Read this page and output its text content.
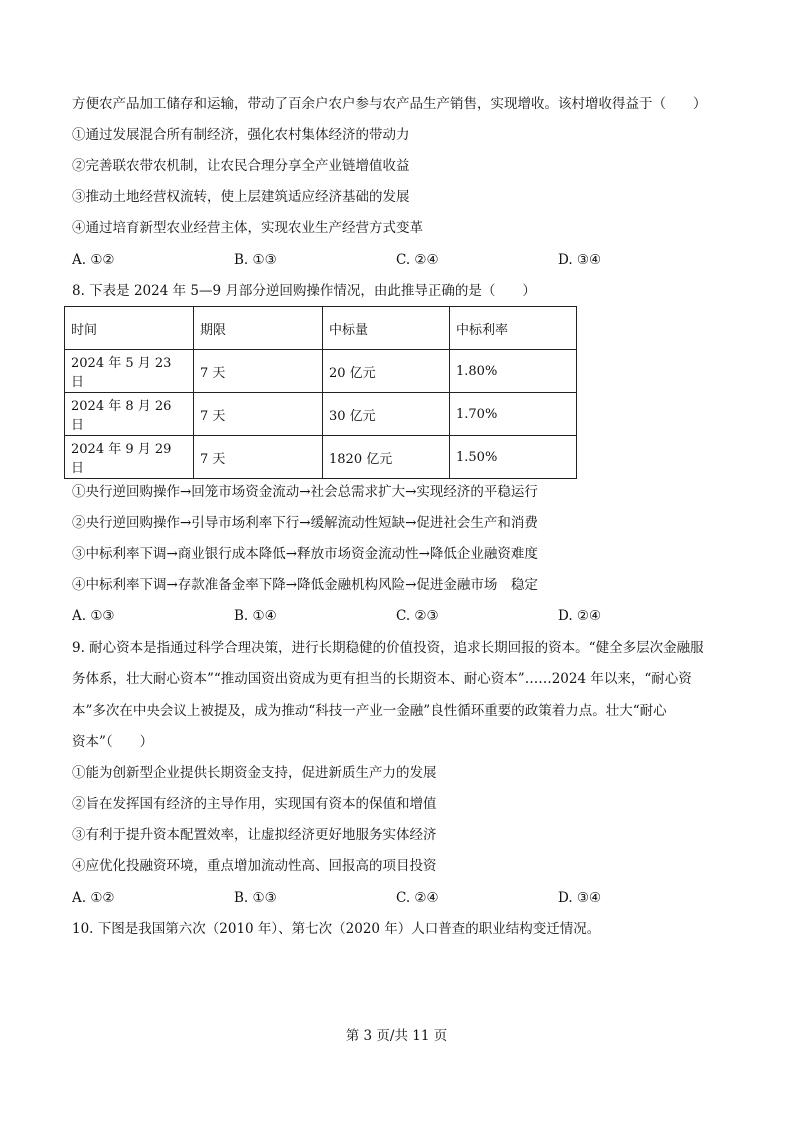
方便农产品加工储存和运输，带动了百余户农户参与农产品生产销售，实现增收。该村增收得益于（　　）
①通过发展混合所有制经济，强化农村集体经济的带动力
②完善联农带农机制，让农民合理分享全产业链增值收益
③推动土地经营权流转，使上层建筑适应经济基础的发展
④通过培育新型农业经营主体，实现农业生产经营方式变革
A. ①②	B. ①③	C. ②④	D. ③④
8. 下表是 2024 年 5—9 月部分逆回购操作情况，由此推导正确的是（　　）
时间	期限	中标量	中标利率
2024 年 5 月 23 日	7 天	20 亿元	1.80%
2024 年 8 月 26 日	7 天	30 亿元	1.70%
2024 年 9 月 29 日	7 天	1820 亿元	1.50%
①央行逆回购操作→回笼市场资金流动→社会总需求扩大→实现经济的平稳运行
②央行逆回购操作→引导市场利率下行→缓解流动性短缺→促进社会生产和消费
③中标利率下调→商业银行成本降低→释放市场资金流动性→降低企业融资难度
④中标利率下调→存款准备金率下降→降低金融机构风险→促进金融市场　稳定
A. ①③	B. ①④	C. ②③	D. ②④
9. 耐心资本是指通过科学合理决策，进行长期稳健的价值投资，追求长期回报的资本。“健全多层次金融服
务体系，壮大耐心资本”“推动国资出资成为更有担当的长期资本、耐心资本”……2024 年以来，“耐心资
本”多次在中央会议上被提及，成为推动“科技一产业一金融”良性循环重要的政策着力点。壮大“耐心
资本”（　　）
①能为创新型企业提供长期资金支持，促进新质生产力的发展
②旨在发挥国有经济的主导作用，实现国有资本的保值和增值
③有利于提升资本配置效率，让虚拟经济更好地服务实体经济
④应优化投融资环境，重点增加流动性高、回报高的项目投资
A. ①②	B. ①③	C. ②④	D. ③④
10. 下图是我国第六次（2010 年）、第七次（2020 年）人口普查的职业结构变迁情况。
第 3 页/共 11 页
